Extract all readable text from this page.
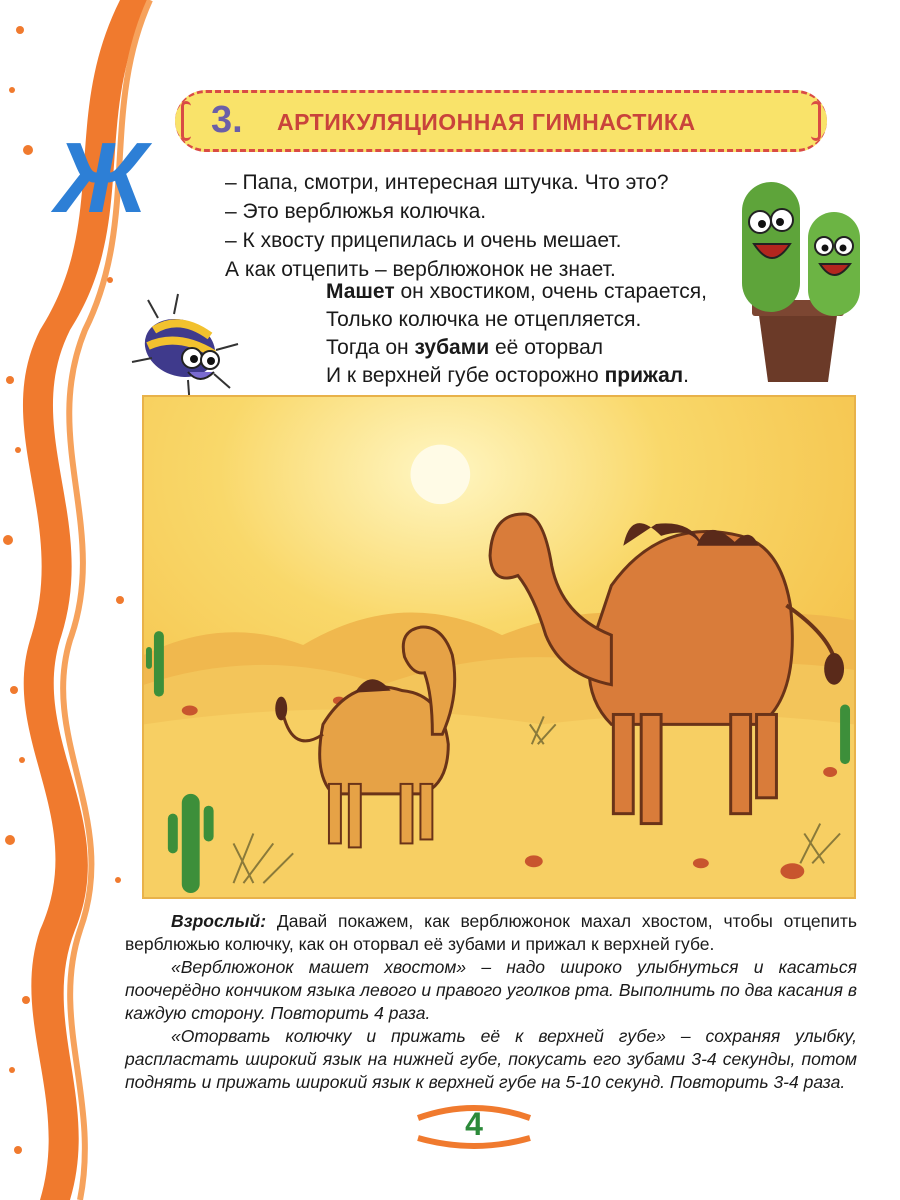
3. АРТИКУЛЯЦИОННАЯ ГИМНАСТИКА
Ж	– Папа, смотри, интересная штучка. Что это?
– Это верблюжья колючка.
– К хвосту прицепилась и очень мешает.
А как отцепить – верблюжонок не знает.
Машет он хвостиком, очень старается,
Только колючка не отцепляется.
Тогда он зубами её оторвал
И к верхней губе осторожно прижал.

Взрослый: Давай покажем, как верблюжонок махал хвостом, чтобы отцепить верблюжью колючку, как он оторвал её зубами и прижал к верхней губе.

«Верблюжонок машет хвостом» – надо широко улыбнуться и касаться поочерёдно кончиком языка левого и правого уголков рта. Выполнить по два касания в каждую сторону. Повторить 4 раза.

«Оторвать колючку и прижать её к верхней губе» – сохраняя улыбку, распластать широкий язык на нижней губе, покусать его зубами 3-4 секунды, потом поднять и прижать широкий язык к верхней губе на 5-10 секунд. Повторить 3-4 раза.

4
